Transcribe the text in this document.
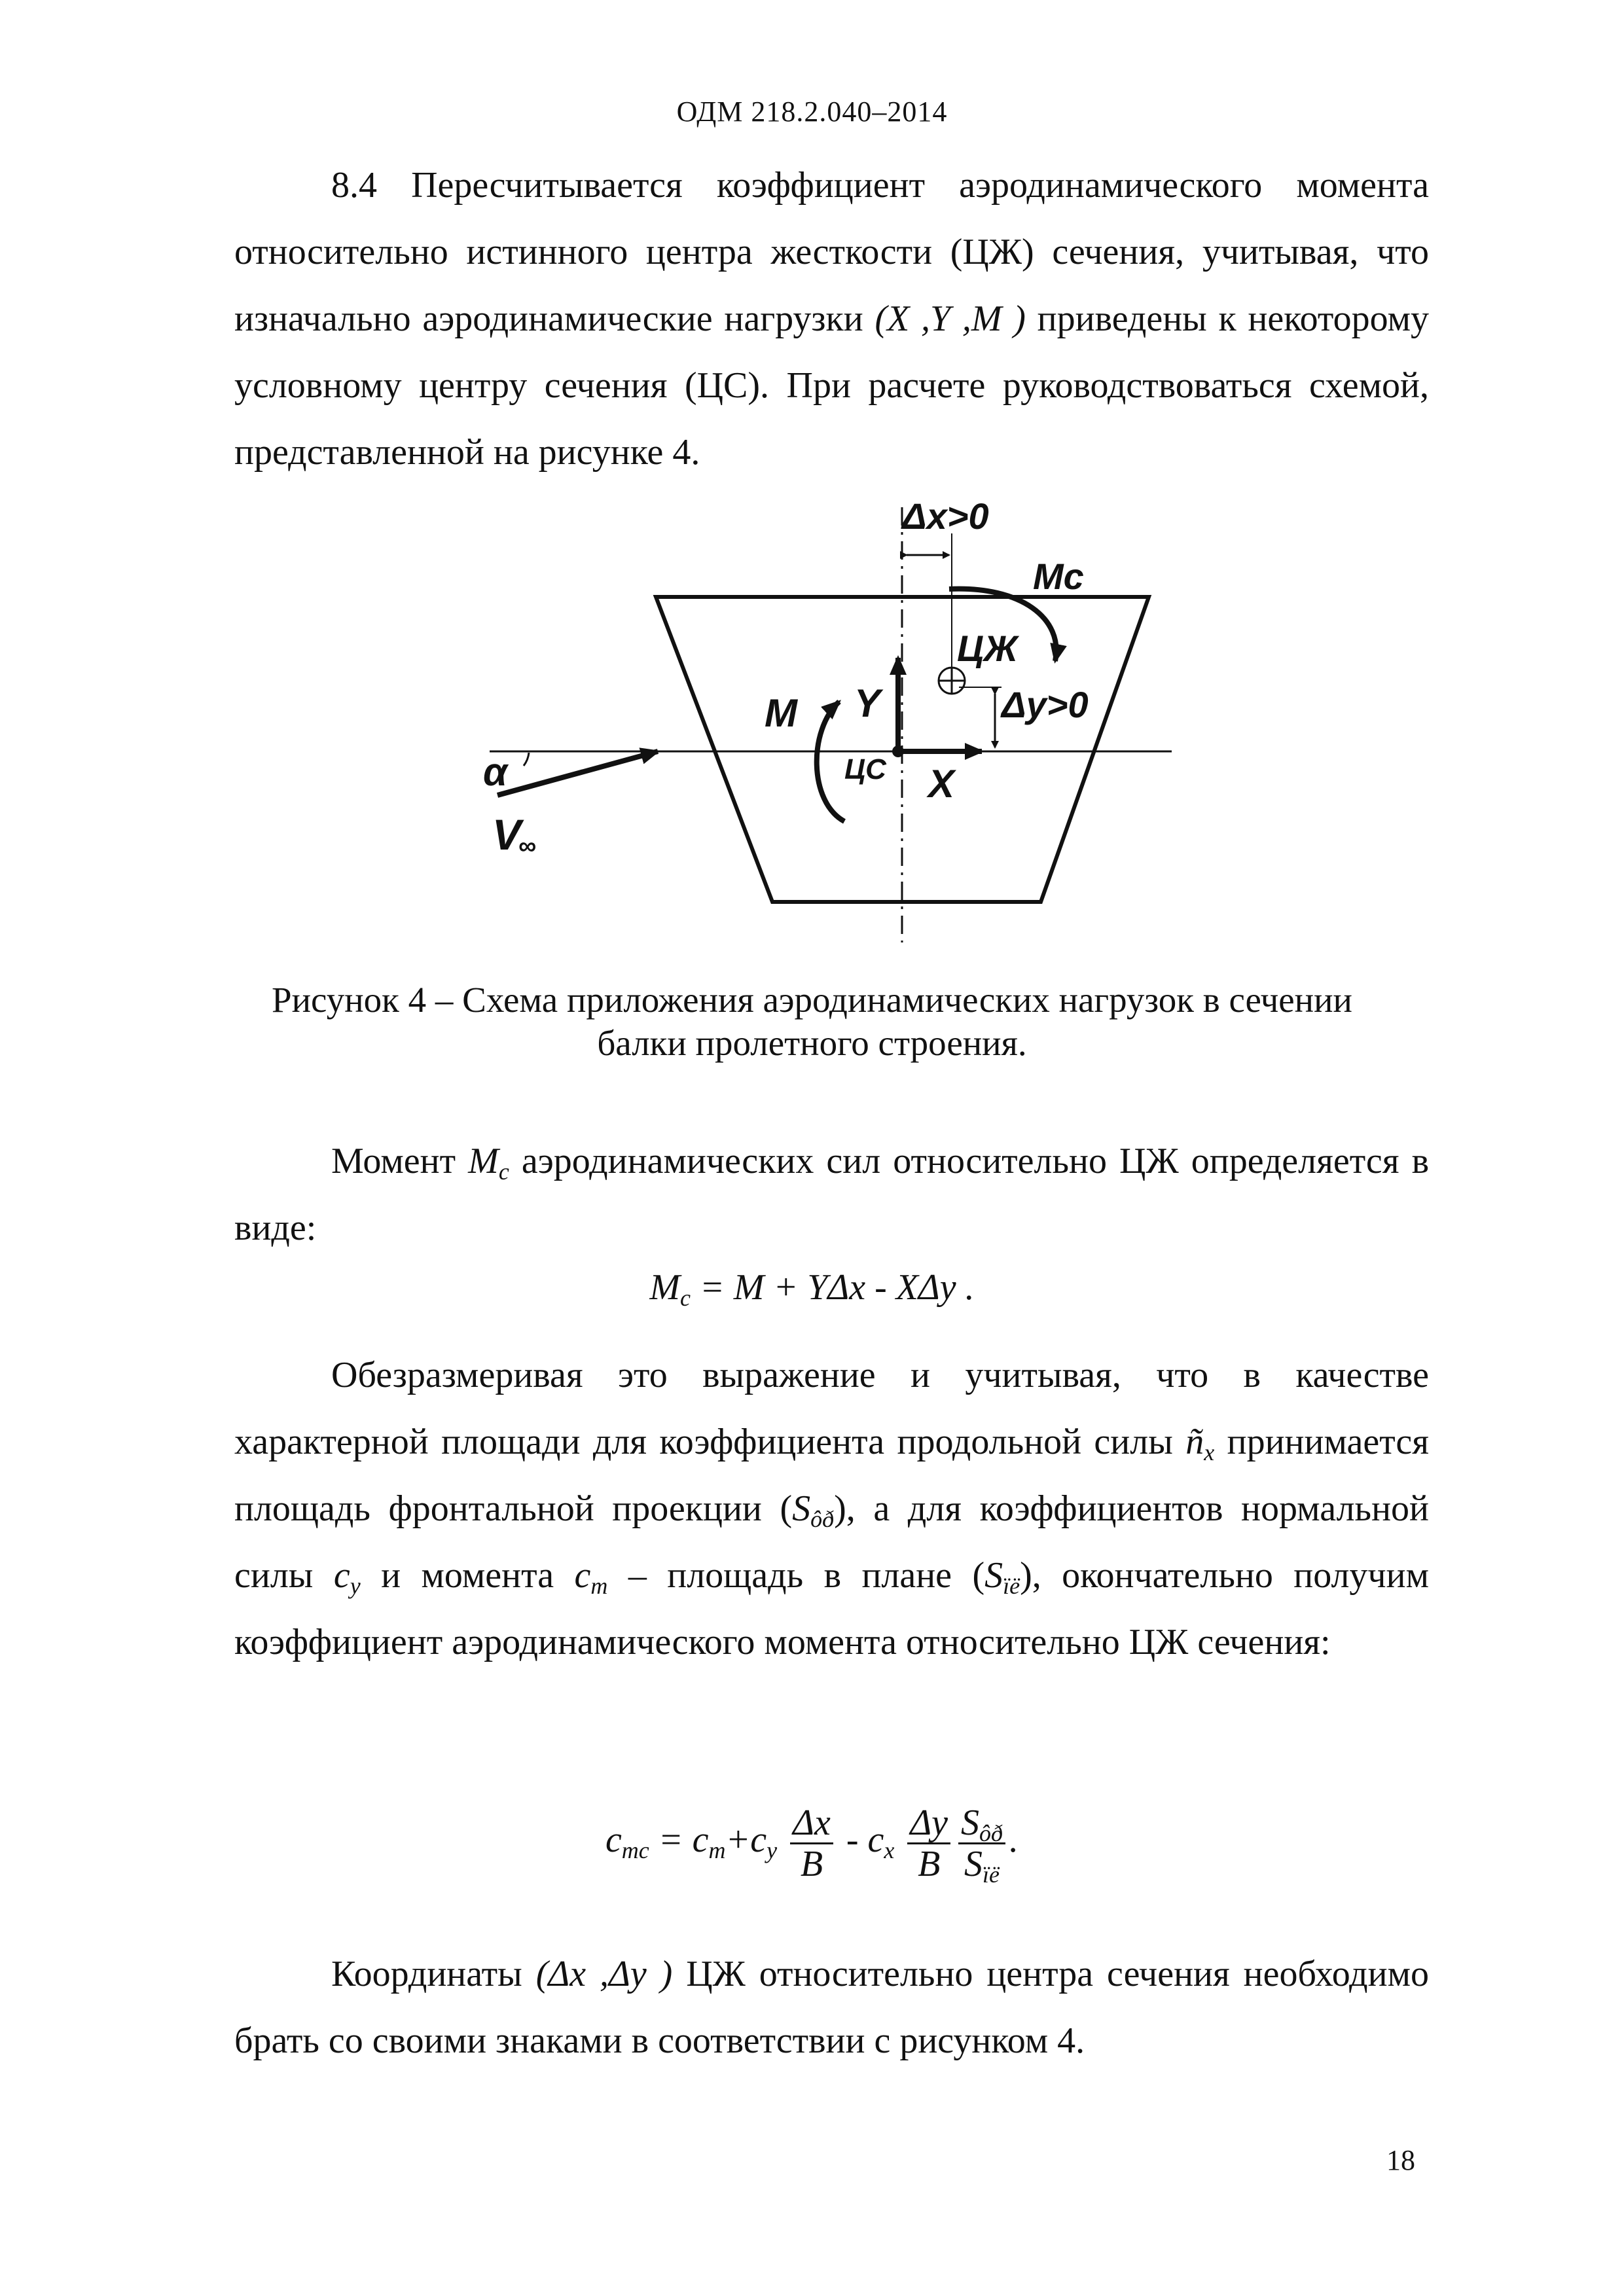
ОДМ 218.2.040–2014
8.4 Пересчитывается коэффициент аэродинамического момента относительно истинного центра жесткости (ЦЖ) сечения, учитывая, что изначально аэродинамические нагрузки (X ,Y ,M ) приведены к некоторому условному центру сечения (ЦС). При расчете руководствоваться схемой, представленной на рисунке 4.
Δx>0
Mc
ЦЖ
Δy>0
M Y
X
ЦС
α
V
∞
Рисунок 4 – Схема приложения аэродинамических нагрузок в сечении
балки пролетного строения.
Момент $M_c$ аэродинамических сил относительно ЦЖ определяется в виде:
$M_c = M + Y\Delta x - X\Delta y$ .
Обезразмеривая это выражение и учитывая, что в качестве характерной площади для коэффициента продольной силы $ñ_x$ принимается площадь фронтальной проекции $(S_{ôð})$, а для коэффициентов нормальной силы $c_y$ и момента $c_m$ – площадь в плане $(S_{ïë})$, окончательно получим коэффициент аэродинамического момента относительно ЦЖ сечения:
$c_{mc} = c_m+c_y \frac{\Delta x}{B} - c_x \frac{\Delta y}{B} \frac{S_{ôð}}{S_{ïë}}$ .
Координаты (Δx ,Δy ) ЦЖ относительно центра сечения необходимо брать со своими знаками в соответствии с рисунком 4.
18
